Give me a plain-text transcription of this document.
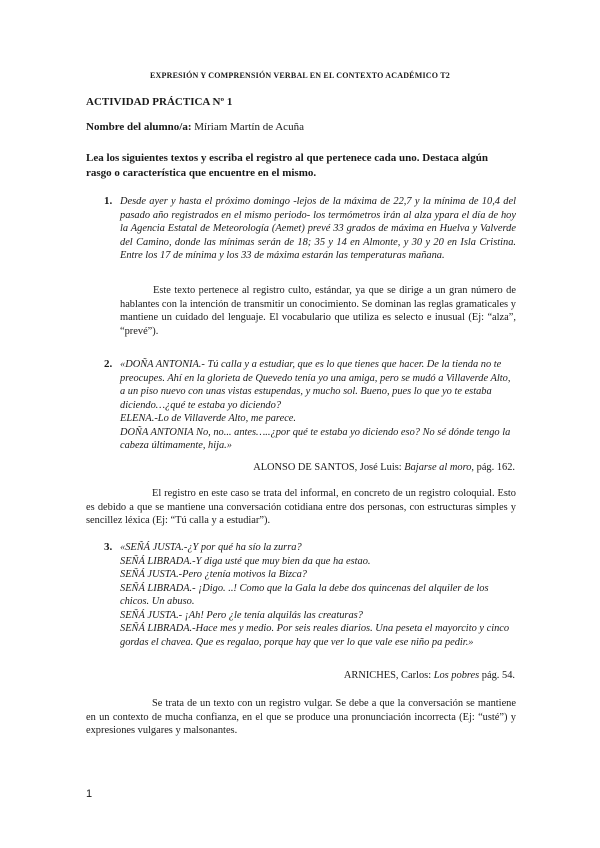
EXPRESIÓN Y COMPRENSIÓN VERBAL EN EL CONTEXTO ACADÉMICO T2
ACTIVIDAD PRÁCTICA Nº 1
Nombre del alumno/a: Míriam Martín de Acuña
Lea los siguientes textos y escriba el registro al que pertenece cada uno. Destaca algún rasgo o característica que encuentre en el mismo.
1. Desde ayer y hasta el próximo domingo -lejos de la máxima de 22,7 y la mínima de 10,4 del pasado año registrados en el mismo periodo- los termómetros irán al alza ypara el día de hoy la Agencia Estatal de Meteorología (Aemet) prevé 33 grados de máxima en Huelva y Valverde del Camino, donde las mínimas serán de 18; 35 y 14 en Almonte, y 30 y 20 en Isla Cristina. Entre los 17 de mínima y los 33 de máxima estarán las temperaturas mañana.
Este texto pertenece al registro culto, estándar, ya que se dirige a un gran número de hablantes con la intención de transmitir un conocimiento. Se dominan las reglas gramaticales y mantiene un cuidado del lenguaje. El vocabulario que utiliza es selecto e inusual (Ej: “alza”, “prevé”).
2. «DOÑA ANTONIA.- Tú calla y a estudiar, que es lo que tienes que hacer. De la tienda no te preocupes. Ahí en la glorieta de Quevedo tenía yo una amiga, pero se mudó a Villaverde Alto, a un piso nuevo con unas vistas estupendas, y mucho sol. Bueno, pues lo que yo te estaba diciendo…¿qué te estaba yo diciendo?
ELENA.-Lo de Villaverde Alto, me parece.
DOÑA ANTONIA No, no... antes…..¿por qué te estaba yo diciendo eso? No sé dónde tengo la cabeza últimamente, hija.»
ALONSO DE SANTOS, José Luis: Bajarse al moro, pág. 162.
El registro en este caso se trata del informal, en concreto de un registro coloquial. Esto es debido a que se mantiene una conversación cotidiana entre dos personas, con estructuras simples y sencillez léxica (Ej: “Tú calla y a estudiar”).
3. «SEÑÁ JUSTA.-¿Y por qué ha sío la zurra?
SEÑÁ LIBRADA.-Y diga usté que muy bien da que ha estao.
SEÑÁ JUSTA.-Pero ¿tenía motivos la Bizca?
SEÑÁ LIBRADA.- ¡Digo. ..! Como que la Gala la debe dos quincenas del alquiler de los chicos. Un abuso.
SEÑÁ JUSTA.- ¡Ah! Pero ¿le tenía alquilás las creaturas?
SEÑÁ LIBRADA.-Hace mes y medio. Por seis reales diarios. Una peseta el mayorcito y cinco gordas el chavea. Que es regalao, porque hay que ver lo que vale ese niño pa pedir.»
ARNICHES, Carlos: Los pobres pág. 54.
Se trata de un texto con un registro vulgar. Se debe a que la conversación se mantiene en un contexto de mucha confianza, en el que se produce una pronunciación incorrecta (Ej: “usté”) y expresiones vulgares y malsonantes.
1
